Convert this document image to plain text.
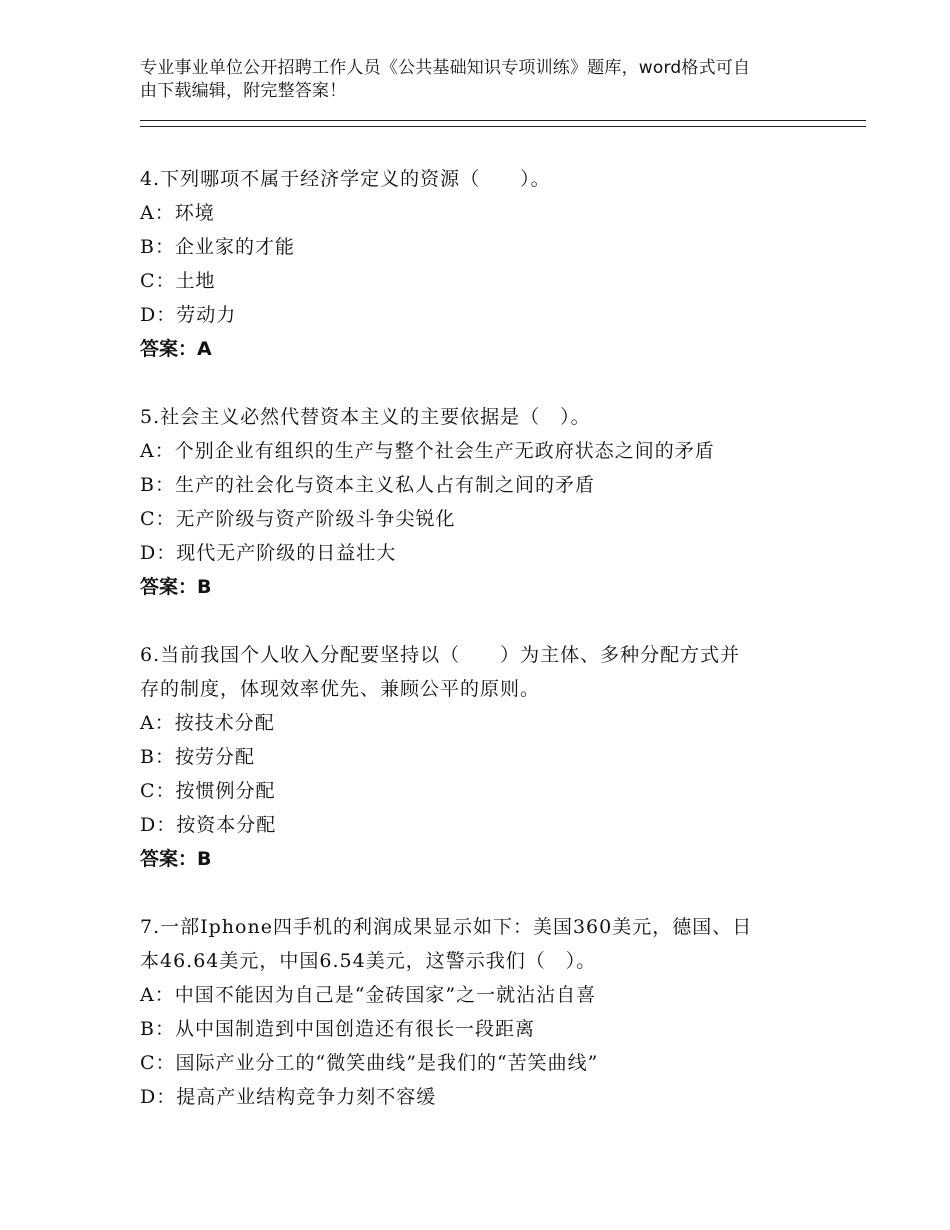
专业事业单位公开招聘工作人员《公共基础知识专项训练》题库，word格式可自
由下载编辑，附完整答案！

4.下列哪项不属于经济学定义的资源（　　）。

A：环境

B：企业家的才能

C：土地

D：劳动力

答案：A

5.社会主义必然代替资本主义的主要依据是（　）。

A：个别企业有组织的生产与整个社会生产无政府状态之间的矛盾

B：生产的社会化与资本主义私人占有制之间的矛盾

C：无产阶级与资产阶级斗争尖锐化

D：现代无产阶级的日益壮大

答案：B

6.当前我国个人收入分配要坚持以（　　）为主体、多种分配方式并

存的制度，体现效率优先、兼顾公平的原则。

A：按技术分配

B：按劳分配

C：按惯例分配

D：按资本分配

答案：B

7.一部Iphone四手机的利润成果显示如下：美国360美元，德国、日

本46.64美元，中国6.54美元，这警示我们（　）。

A：中国不能因为自己是“金砖国家”之一就沾沾自喜

B：从中国制造到中国创造还有很长一段距离

C：国际产业分工的“微笑曲线”是我们的“苦笑曲线”

D：提高产业结构竞争力刻不容缓
